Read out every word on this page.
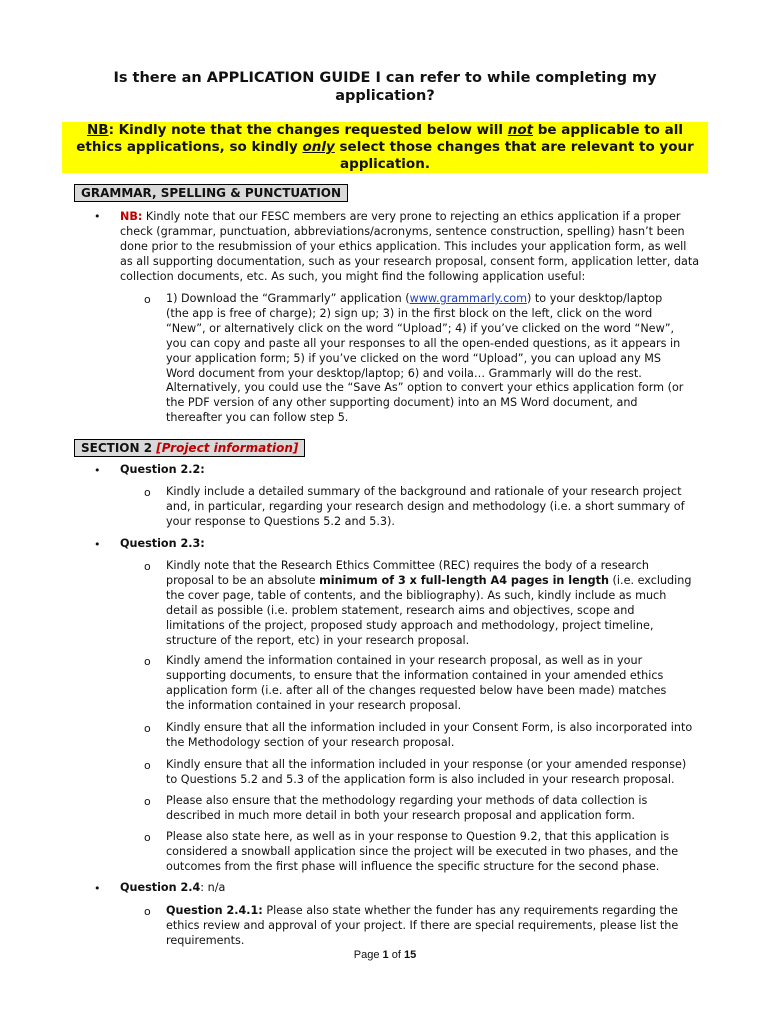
Is there an APPLICATION GUIDE I can refer to while completing my application?
NB: Kindly note that the changes requested below will not be applicable to all ethics applications, so kindly only select those changes that are relevant to your application.
GRAMMAR, SPELLING & PUNCTUATION
• NB: Kindly note that our FESC members are very prone to rejecting an ethics application if a proper check (grammar, punctuation, abbreviations/acronyms, sentence construction, spelling) hasn’t been done prior to the resubmission of your ethics application. This includes your application form, as well as all supporting documentation, such as your research proposal, consent form, application letter, data collection documents, etc. As such, you might find the following application useful:
o 1) Download the “Grammarly” application (www.grammarly.com) to your desktop/laptop (the app is free of charge); 2) sign up; 3) in the first block on the left, click on the word “New”, or alternatively click on the word “Upload”; 4) if you’ve clicked on the word “New”, you can copy and paste all your responses to all the open-ended questions, as it appears in your application form; 5) if you’ve clicked on the word “Upload”, you can upload any MS Word document from your desktop/laptop; 6) and voila… Grammarly will do the rest. Alternatively, you could use the “Save As” option to convert your ethics application form (or the PDF version of any other supporting document) into an MS Word document, and thereafter you can follow step 5.
SECTION 2 [Project information]
• Question 2.2:
o Kindly include a detailed summary of the background and rationale of your research project and, in particular, regarding your research design and methodology (i.e. a short summary of your response to Questions 5.2 and 5.3).
• Question 2.3:
o Kindly note that the Research Ethics Committee (REC) requires the body of a research proposal to be an absolute minimum of 3 x full-length A4 pages in length (i.e. excluding the cover page, table of contents, and the bibliography). As such, kindly include as much detail as possible (i.e. problem statement, research aims and objectives, scope and limitations of the project, proposed study approach and methodology, project timeline, structure of the report, etc) in your research proposal.
o Kindly amend the information contained in your research proposal, as well as in your supporting documents, to ensure that the information contained in your amended ethics application form (i.e. after all of the changes requested below have been made) matches the information contained in your research proposal.
o Kindly ensure that all the information included in your Consent Form, is also incorporated into the Methodology section of your research proposal.
o Kindly ensure that all the information included in your response (or your amended response) to Questions 5.2 and 5.3 of the application form is also included in your research proposal.
o Please also ensure that the methodology regarding your methods of data collection is described in much more detail in both your research proposal and application form.
o Please also state here, as well as in your response to Question 9.2, that this application is considered a snowball application since the project will be executed in two phases, and the outcomes from the first phase will influence the specific structure for the second phase.
• Question 2.4: n/a
o Question 2.4.1: Please also state whether the funder has any requirements regarding the ethics review and approval of your project. If there are special requirements, please list the requirements.
Page 1 of 15
